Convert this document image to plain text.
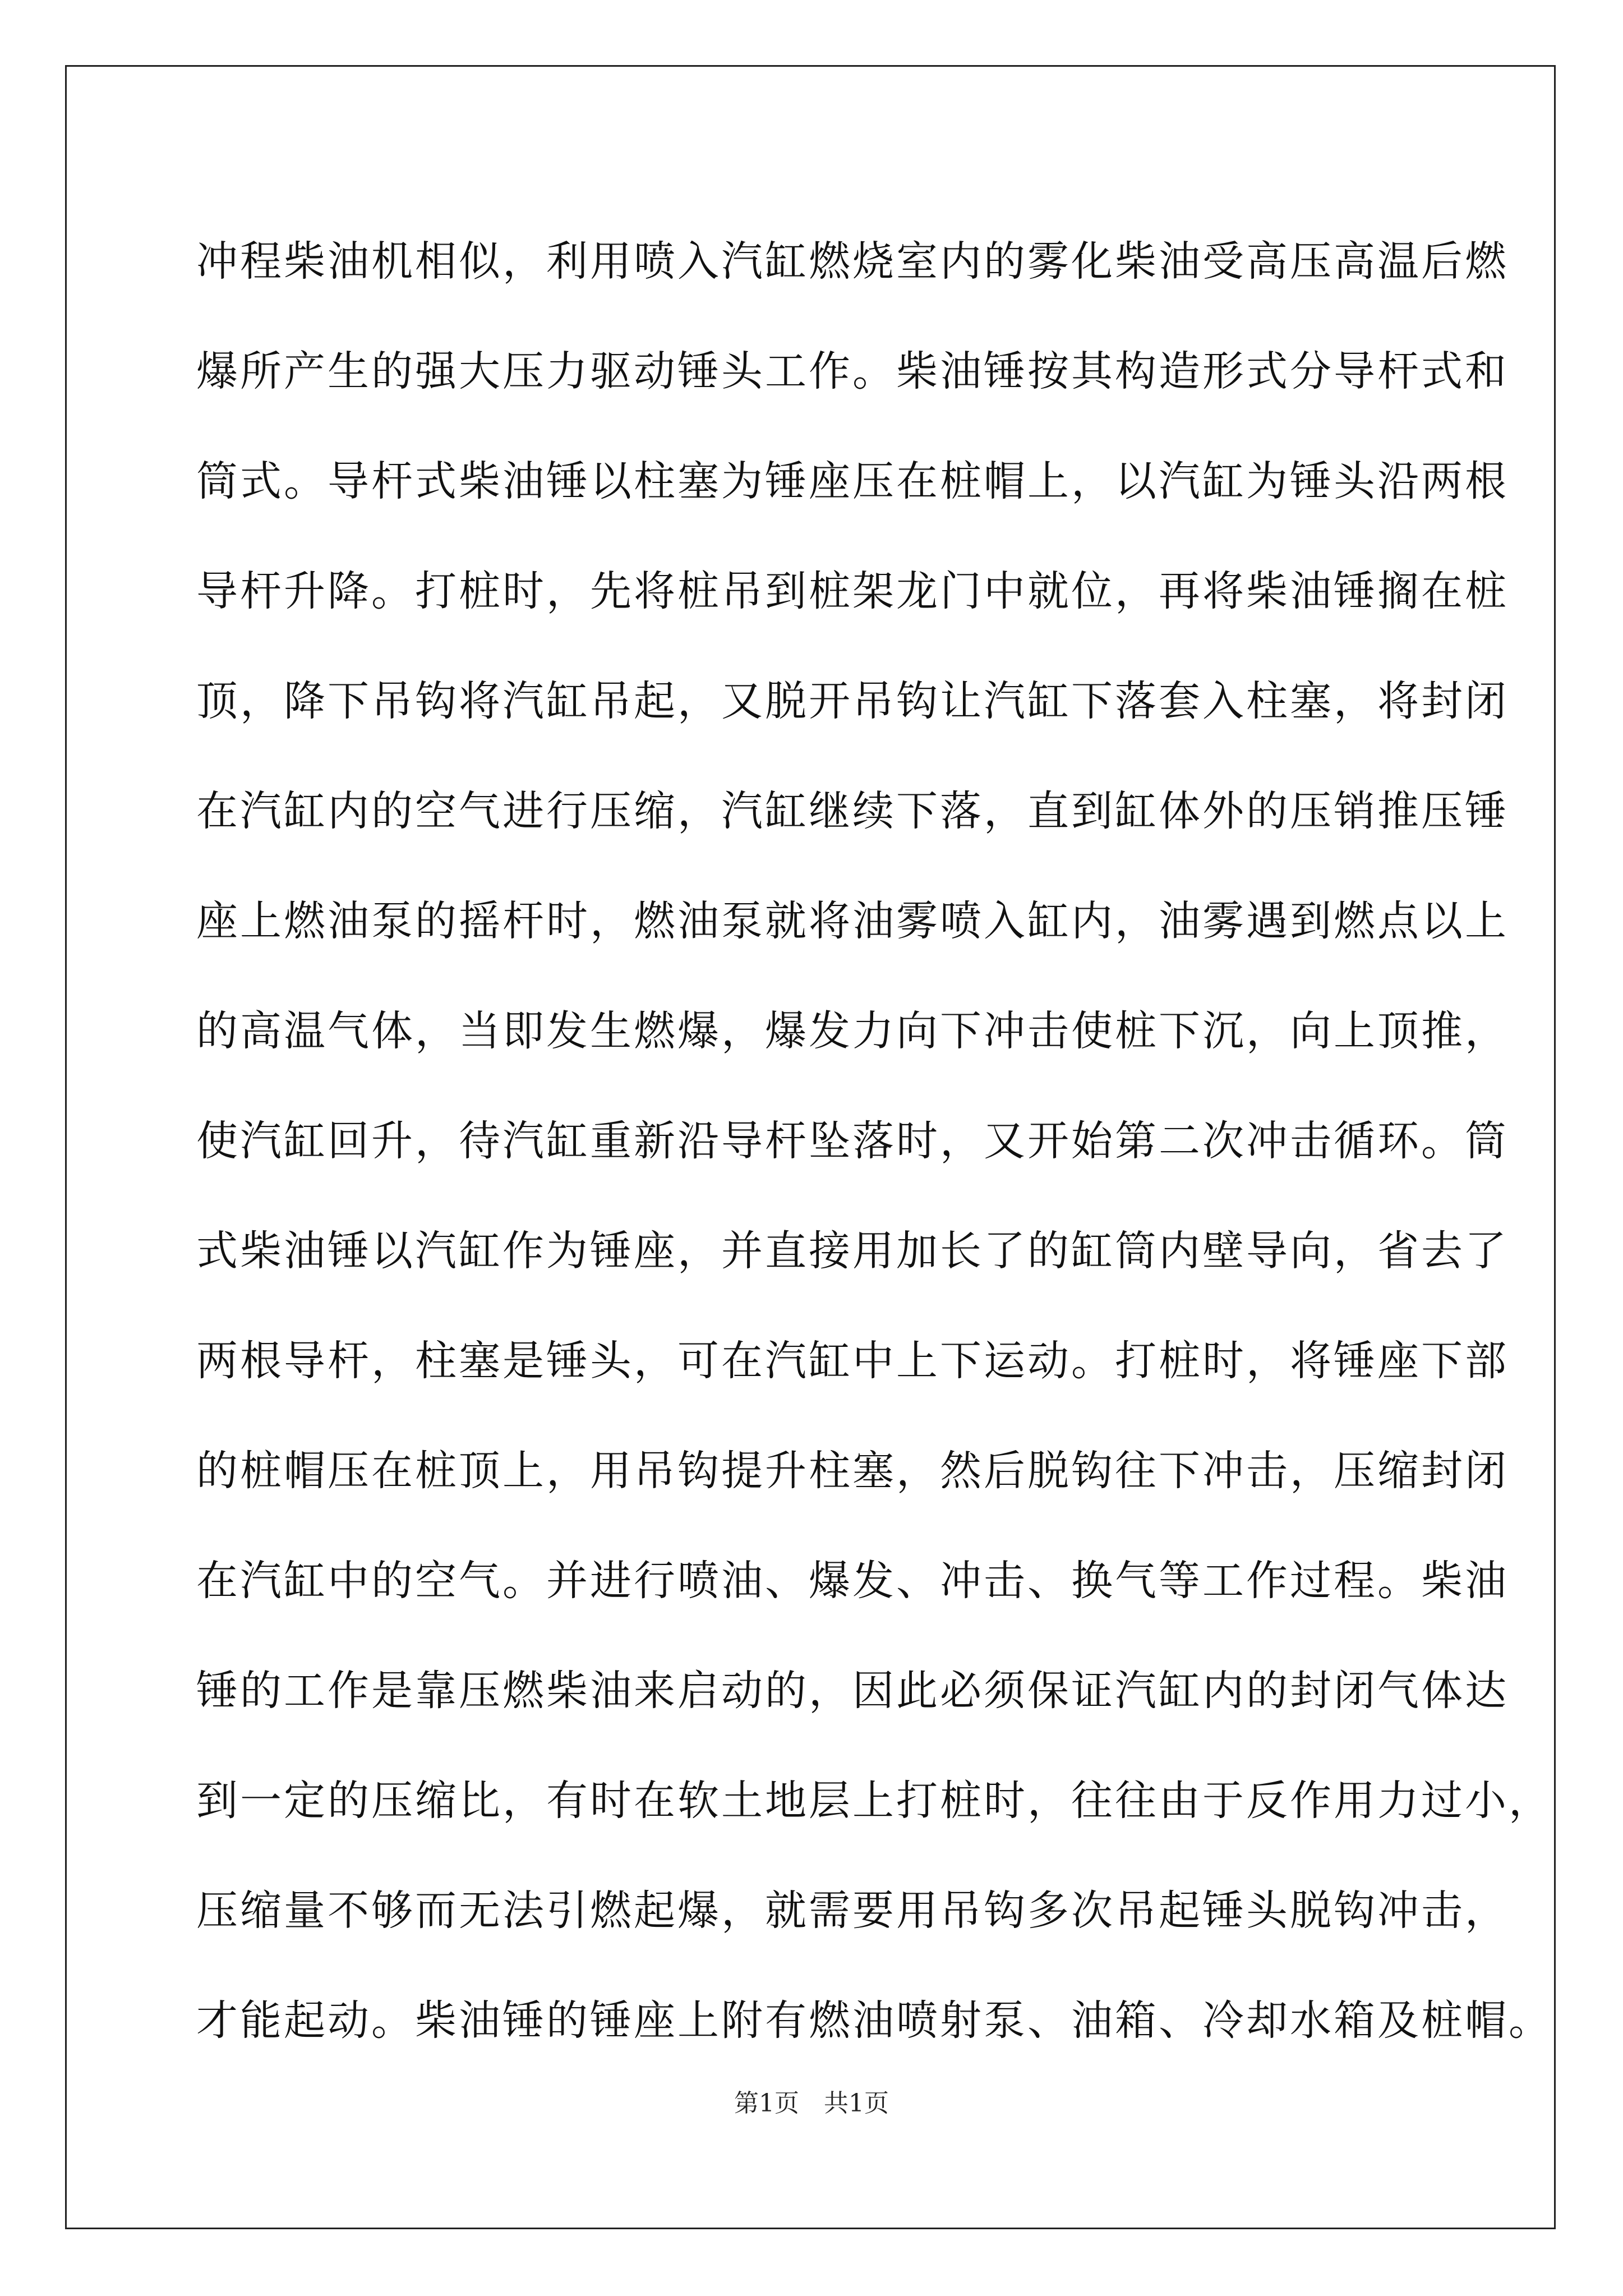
冲程柴油机相似，利用喷入汽缸燃烧室内的雾化柴油受高压高温后燃
爆所产生的强大压力驱动锤头工作。柴油锤按其构造形式分导杆式和
筒式。导杆式柴油锤以柱塞为锤座压在桩帽上，以汽缸为锤头沿两根
导杆升降。打桩时，先将桩吊到桩架龙门中就位，再将柴油锤搁在桩
顶，降下吊钩将汽缸吊起，又脱开吊钩让汽缸下落套入柱塞，将封闭
在汽缸内的空气进行压缩，汽缸继续下落，直到缸体外的压销推压锤
座上燃油泵的摇杆时，燃油泵就将油雾喷入缸内，油雾遇到燃点以上
的高温气体，当即发生燃爆，爆发力向下冲击使桩下沉，向上顶推，
使汽缸回升，待汽缸重新沿导杆坠落时，又开始第二次冲击循环。筒
式柴油锤以汽缸作为锤座，并直接用加长了的缸筒内壁导向，省去了
两根导杆，柱塞是锤头，可在汽缸中上下运动。打桩时，将锤座下部
的桩帽压在桩顶上，用吊钩提升柱塞，然后脱钩往下冲击，压缩封闭
在汽缸中的空气。并进行喷油、爆发、冲击、换气等工作过程。柴油
锤的工作是靠压燃柴油来启动的，因此必须保证汽缸内的封闭气体达
到一定的压缩比，有时在软土地层上打桩时，往往由于反作用力过小，
压缩量不够而无法引燃起爆，就需要用吊钩多次吊起锤头脱钩冲击，
才能起动。柴油锤的锤座上附有燃油喷射泵、油箱、冷却水箱及桩帽。
第1页　共1页
